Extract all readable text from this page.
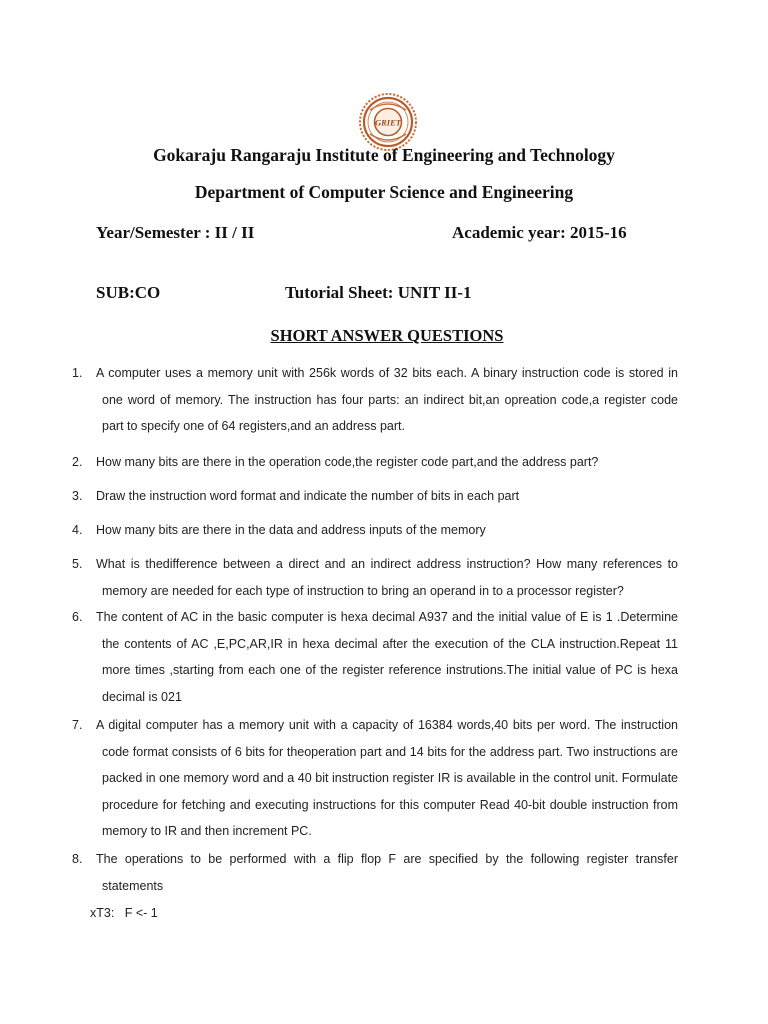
GRIET
Gokaraju Rangaraju Institute of Engineering and Technology
Department of Computer Science and Engineering
Year/Semester : II / II	Academic year: 2015-16
SUB:CO	Tutorial Sheet: UNIT II-1
SHORT ANSWER QUESTIONS
1.	A computer uses a memory unit with 256k words of 32 bits each. A binary instruction code is stored in one word of memory. The instruction has four parts: an indirect bit,an opreation code,a register code part to specify one of 64 registers,and an address part.
2.	How many bits are there in the operation code,the register code part,and the address part?
3.	Draw the instruction word format and indicate the number of bits in each part
4.	How many bits are there in the data and address inputs of the memory
5.	What is thedifference between a direct and an indirect address instruction? How many references to memory are needed for each type of instruction to bring an operand in to a processor register?
6.	The content of AC in the basic computer is hexa decimal A937 and the initial value of E is 1 .Determine the contents of AC ,E,PC,AR,IR in hexa decimal after the execution of the CLA instruction.Repeat 11 more times ,starting from each one of the register reference instrutions.The initial value of PC is hexa decimal is 021
7.	A digital computer has a memory unit with a capacity of 16384 words,40 bits per word. The instruction code format consists of 6 bits for theoperation part and 14 bits for the address part. Two instructions are packed in one memory word and a 40 bit instruction register IR is available in the control unit. Formulate procedure for fetching and executing instructions for this computer Read 40-bit double instruction from memory to IR and then increment PC.
8.	The operations to be performed with a flip flop F are specified by the following register transfer statements
xT3:   F <- 1
